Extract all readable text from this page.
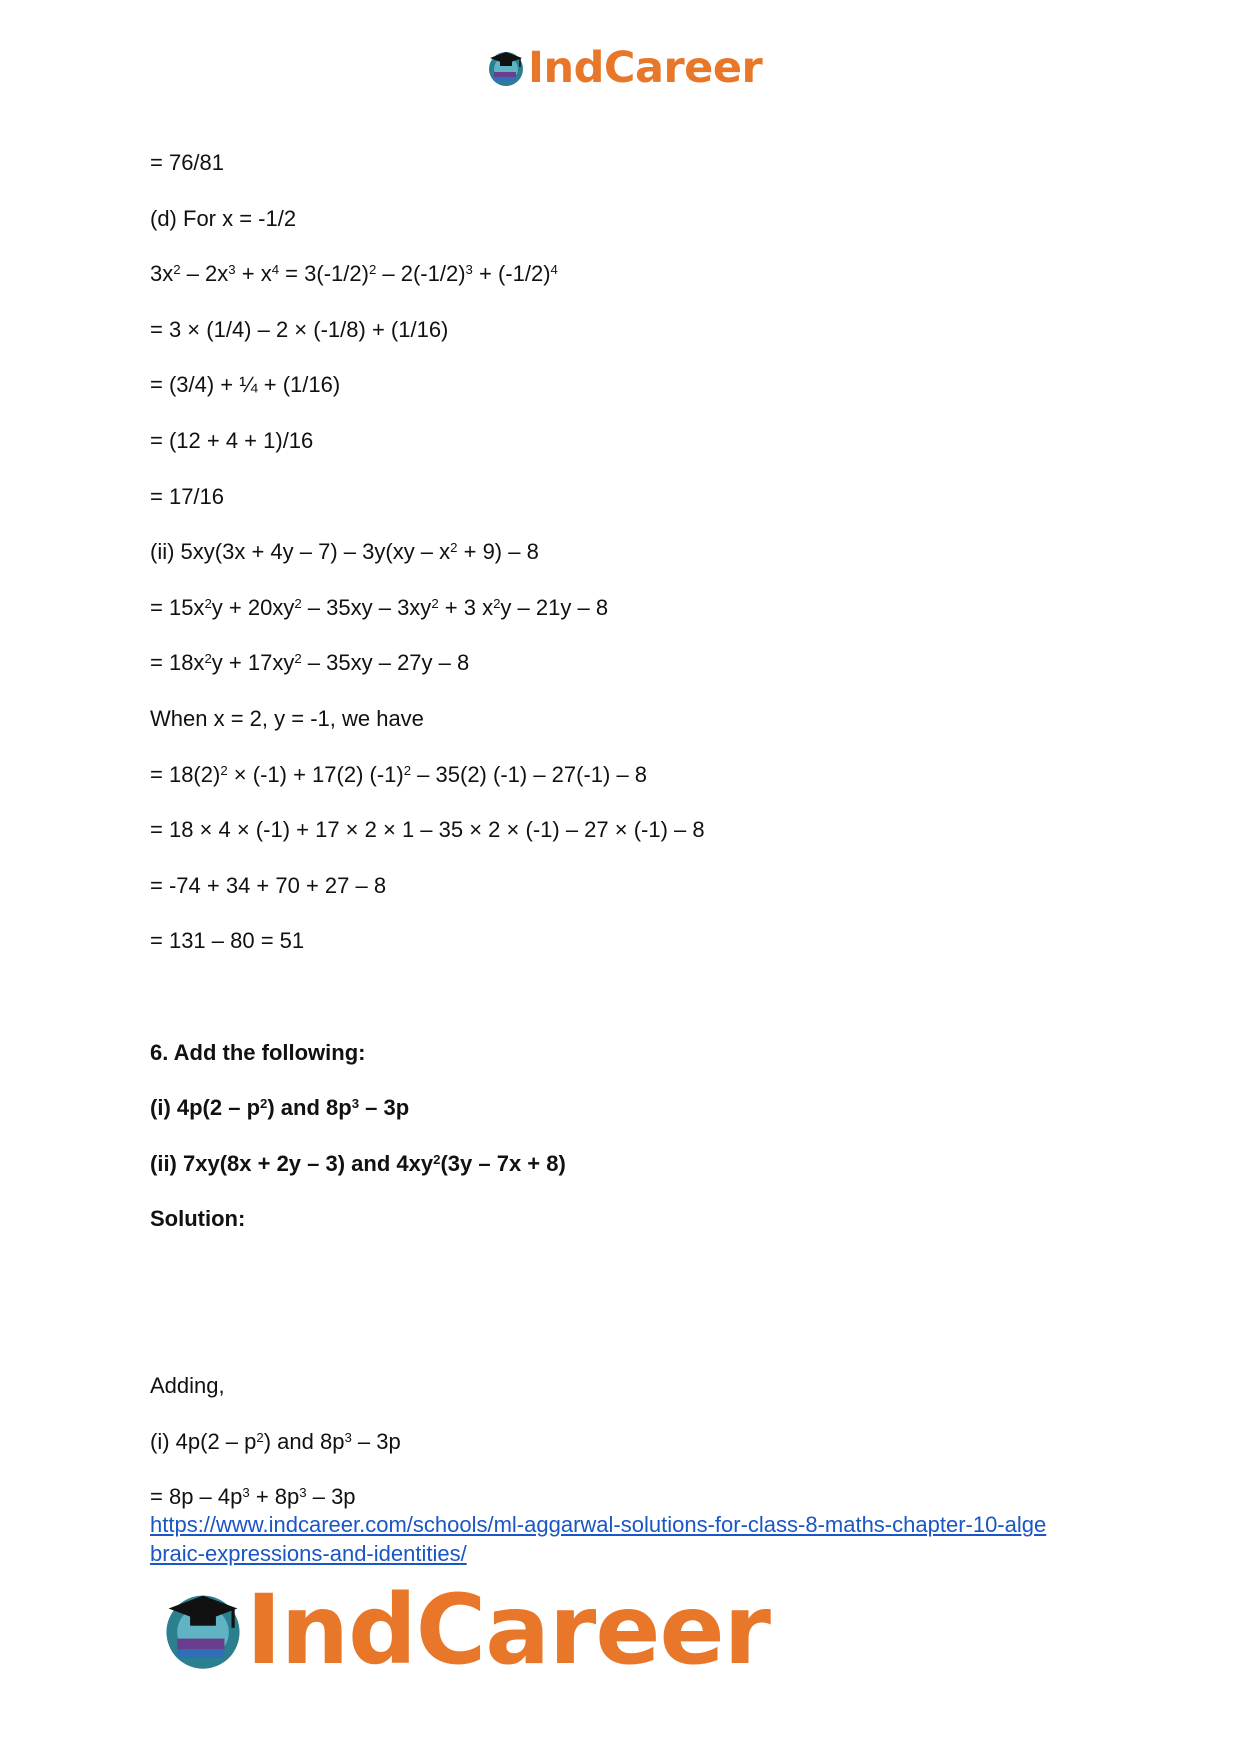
IndCareer
= 76/81
(d) For x = -1/2
$3x^2 - 2x^3 + x^4 = 3(-1/2)^2 - 2(-1/2)^3 + (-1/2)^4$
= 3 × (1/4) – 2 × (-1/8) + (1/16)
= (3/4) + ¼ + (1/16)
= (12 + 4 + 1)/16
= 17/16
(ii) $5xy(3x + 4y - 7) - 3y(xy - x^2 + 9) - 8$
= $15x^2y + 20xy^2 - 35xy - 3xy^2 + 3$ $x^2y - 21y - 8$
= $18x^2y + 17xy^2 - 35xy - 27y - 8$
When x = 2, y = -1, we have
= $18(2)^2 \times (-1) + 17(2)$ $(-1)^2 - 35(2)$ (-1) – 27(-1) – 8
= 18 × 4 × (-1) + 17 × 2 × 1 – 35 × 2 × (-1) – 27 × (-1) – 8
= -74 + 34 + 70 + 27 – 8
= 131 – 80 = 51
6. Add the following:
(i) $4p(2 - p^2)$ and $8p^3 - 3p$
(ii) 7xy(8x + 2y – 3) and $4xy^2(3y - 7x + 8)$
Solution:
Adding,
(i) $4p(2 - p^2)$ and $8p^3 - 3p$
= $8p - 4p^3 + 8p^3 - 3p$
https://www.indcareer.com/schools/ml-aggarwal-solutions-for-class-8-maths-chapter-10-alge
braic-expressions-and-identities/
IndCareer
